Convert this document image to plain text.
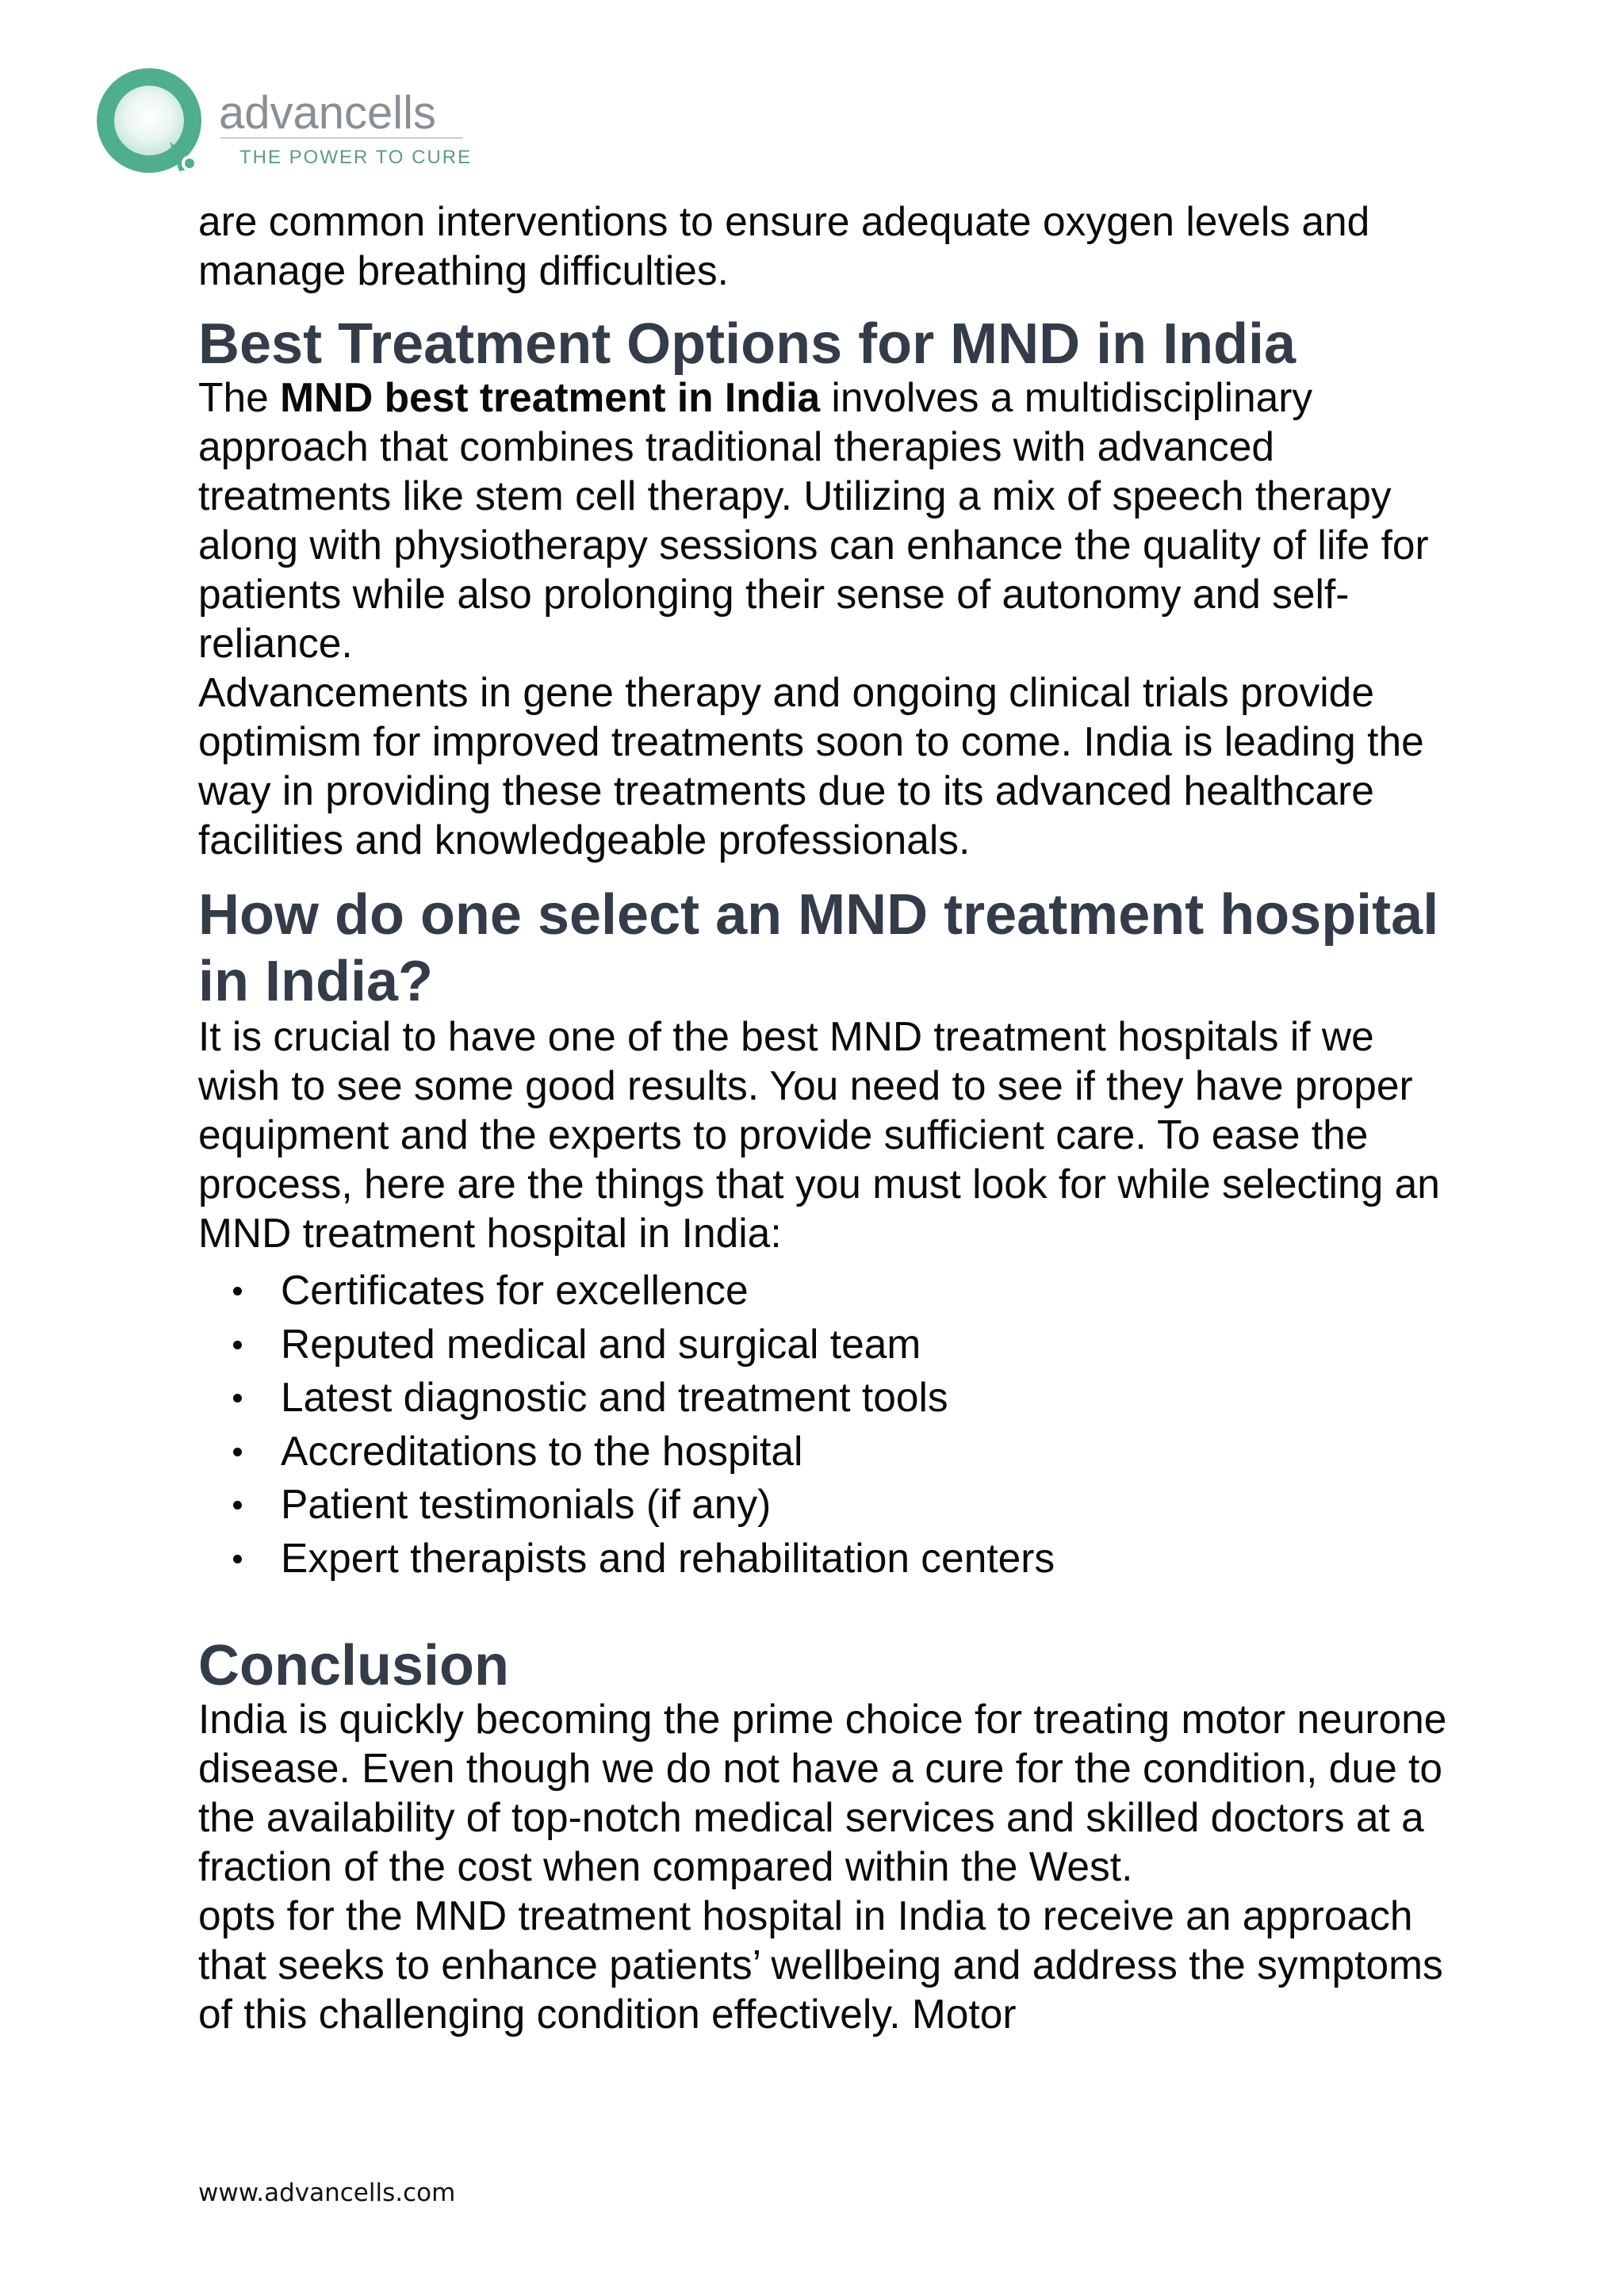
advancells
THE POWER TO CURE

are common interventions to ensure adequate oxygen levels and manage breathing difficulties.

Best Treatment Options for MND in India

The MND best treatment in India involves a multidisciplinary approach that combines traditional therapies with advanced treatments like stem cell therapy. Utilizing a mix of speech therapy along with physiotherapy sessions can enhance the quality of life for patients while also prolonging their sense of autonomy and self-reliance.

Advancements in gene therapy and ongoing clinical trials provide optimism for improved treatments soon to come. India is leading the way in providing these treatments due to its advanced healthcare facilities and knowledgeable professionals.

How do one select an MND treatment hospital in India?

It is crucial to have one of the best MND treatment hospitals if we wish to see some good results. You need to see if they have proper equipment and the experts to provide sufficient care. To ease the process, here are the things that you must look for while selecting an MND treatment hospital in India:

Certificates for excellence
Reputed medical and surgical team
Latest diagnostic and treatment tools
Accreditations to the hospital
Patient testimonials (if any)
Expert therapists and rehabilitation centers
Conclusion

India is quickly becoming the prime choice for treating motor neurone disease. Even though we do not have a cure for the condition, due to the availability of top-notch medical services and skilled doctors at a fraction of the cost when compared within the West.

opts for the MND treatment hospital in India to receive an approach that seeks to enhance patients’ wellbeing and address the symptoms of this challenging condition effectively. Motor

www.advancells.com
